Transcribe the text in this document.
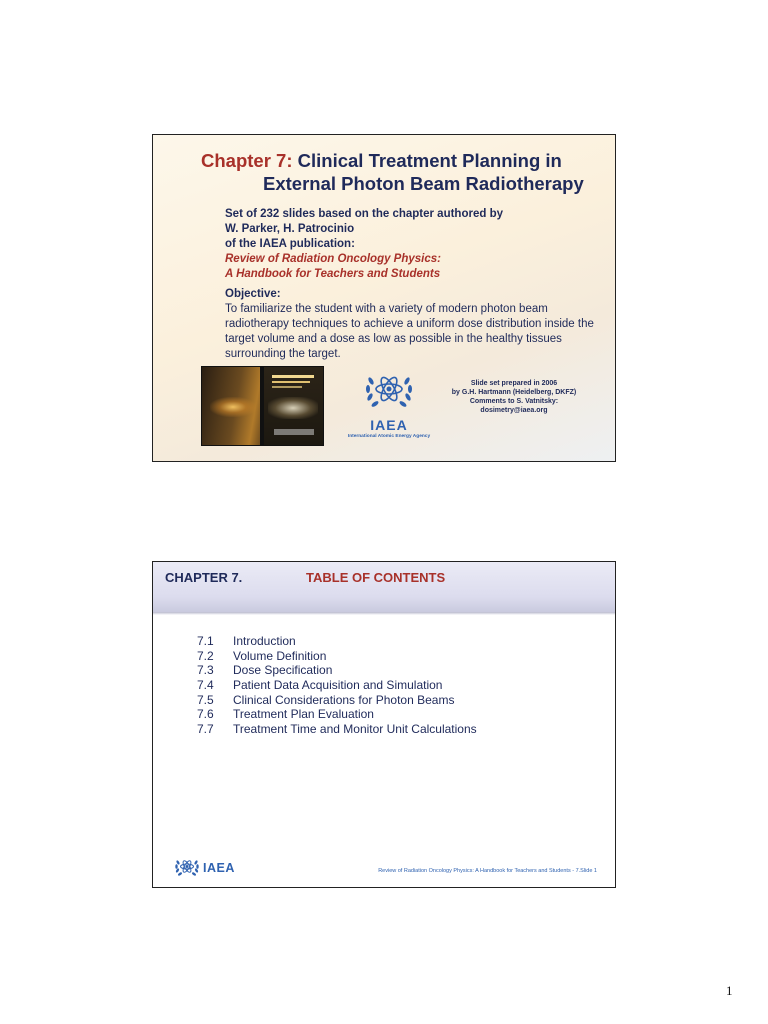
Chapter 7: Clinical Treatment Planning in
External Photon Beam Radiotherapy
Set of 232 slides based on the chapter authored by
W. Parker, H. Patrocinio
of the IAEA publication:
Review of Radiation Oncology Physics:
A Handbook for Teachers and Students
Objective:
To familiarize the student with a variety of modern photon beam radiotherapy techniques to achieve a uniform dose distribution inside the target volume and a dose as low as possible in the healthy tissues surrounding the target.
IAEA
International Atomic Energy Agency
Slide set prepared in 2006
by G.H. Hartmann (Heidelberg, DKFZ)
Comments to S. Vatnitsky:
dosimetry@iaea.org
CHAPTER 7.	TABLE OF CONTENTS
7.1 Introduction
7.2 Volume Definition
7.3 Dose Specification
7.4 Patient Data Acquisition and Simulation
7.5 Clinical Considerations for Photon Beams
7.6 Treatment Plan Evaluation
7.7 Treatment Time and Monitor Unit Calculations
IAEA	Review of Radiation Oncology Physics: A Handbook for Teachers and Students - 7.Slide 1
1
